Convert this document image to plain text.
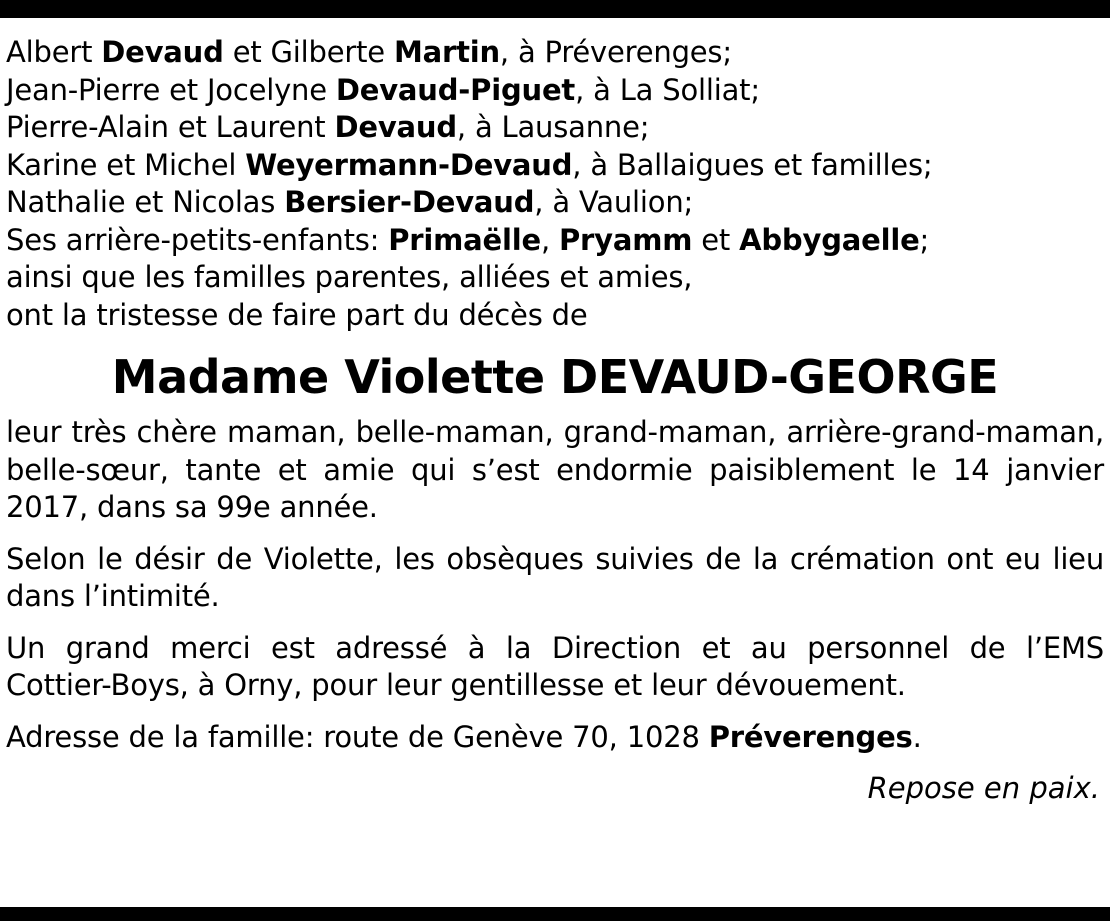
Albert Devaud et Gilberte Martin, à Préverenges;
Jean-Pierre et Jocelyne Devaud-Piguet, à La Solliat;
Pierre-Alain et Laurent Devaud, à Lausanne;
Karine et Michel Weyermann-Devaud, à Ballaigues et familles;
Nathalie et Nicolas Bersier-Devaud, à Vaulion;
Ses arrière-petits-enfants: Primaëlle, Pryamm et Abbygaelle;
ainsi que les familles parentes, alliées et amies,
ont la tristesse de faire part du décès de
Madame Violette DEVAUD-GEORGE
leur très chère maman, belle-maman, grand-maman, arrière-grand-maman,
belle-sœur, tante et amie qui s’est endormie paisiblement le 14 janvier
2017, dans sa 99e année.
Selon le désir de Violette, les obsèques suivies de la crémation ont eu lieu
dans l’intimité.
Un grand merci est adressé à la Direction et au personnel de l’EMS
Cottier-Boys, à Orny, pour leur gentillesse et leur dévouement.
Adresse de la famille: route de Genève 70, 1028 Préverenges.
Repose en paix.
